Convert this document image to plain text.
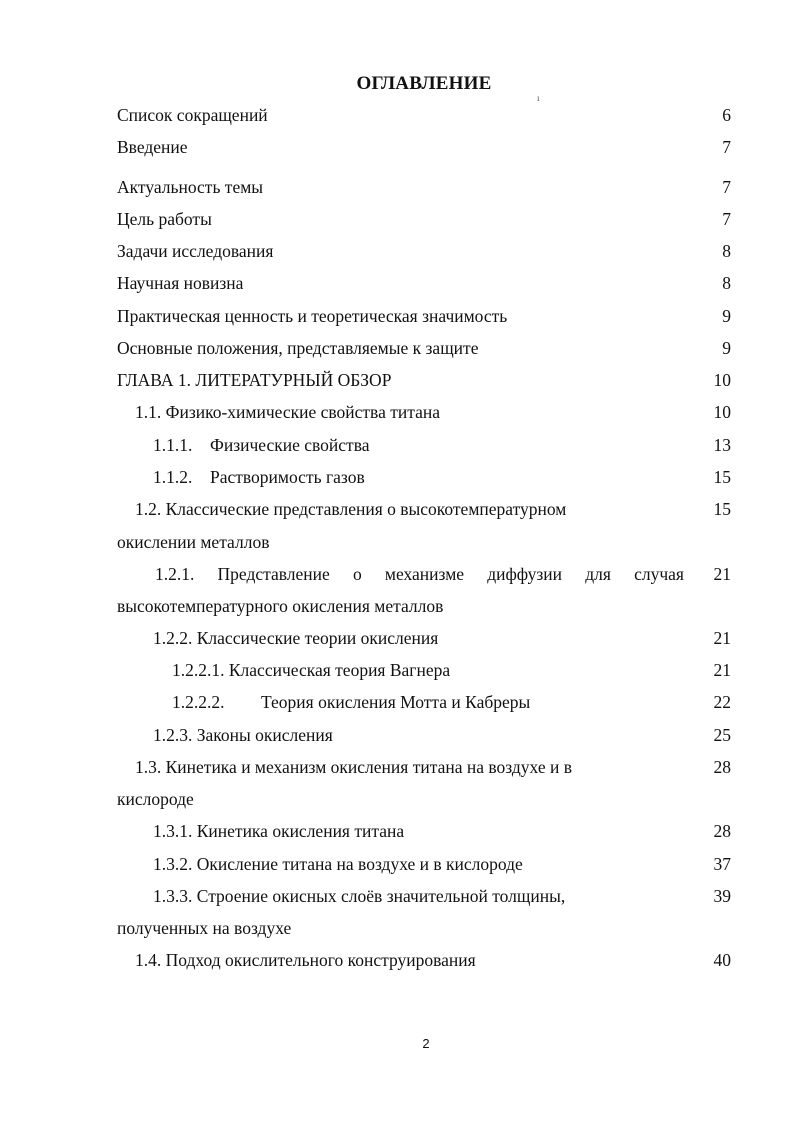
ОГЛАВЛЕНИЕ
ı
Список сокращений	6
Введение	7
Актуальность темы	7
Цель работы	7
Задачи исследования	8
Научная новизна	8
Практическая ценность и теоретическая значимость	9
Основные положения, представляемые к защите	9
ГЛАВА 1. ЛИТЕРАТУРНЫЙ ОБЗОР	10
1.1. Физико-химические свойства титана	10
1.1.1. Физические свойства	13
1.1.2. Растворимость газов	15
1.2. Классические представления о высокотемпературном	15
окислении металлов
1.2.1. Представление о механизме диффузии для случая 21
высокотемпературного окисления металлов
1.2.2. Классические теории окисления	21
1.2.2.1. Классическая теория Вагнера	21
1.2.2.2. Теория окисления Мотта и Кабреры	22
1.2.3. Законы окисления	25
1.3. Кинетика и механизм окисления титана на воздухе и в	28
кислороде
1.3.1. Кинетика окисления титана	28
1.3.2. Окисление титана на воздухе и в кислороде	37
1.3.3. Строение окисных слоёв значительной толщины,	39
полученных на воздухе
1.4. Подход окислительного конструирования	40
2
